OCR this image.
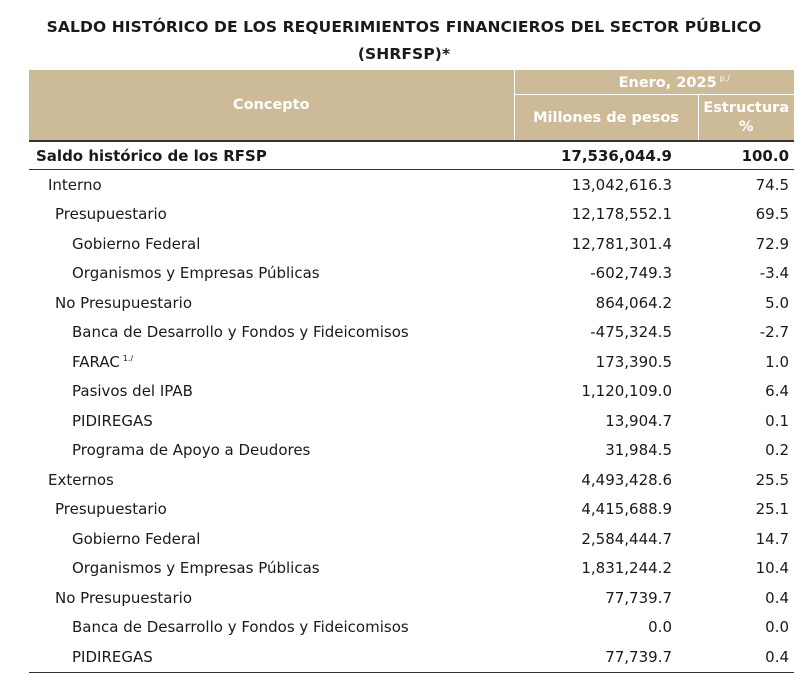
SALDO HISTÓRICO DE LOS REQUERIMIENTOS FINANCIEROS DEL SECTOR PÚBLICO
(SHRFSP)*
Concepto	Enero, 2025 $^{p./}$
	Millones de pesos	Estructura
%

Saldo histórico de los RFSP	17,536,044.9	100.0
Interno	13,042,616.3	74.5
Presupuestario	12,178,552.1	69.5
Gobierno Federal	12,781,301.4	72.9
Organismos y Empresas Públicas	-602,749.3	-3.4
No Presupuestario	864,064.2	5.0
Banca de Desarrollo y Fondos y Fideicomisos	-475,324.5	-2.7
FARAC $^{1./}$	173,390.5	1.0
Pasivos del IPAB	1,120,109.0	6.4
PIDIREGAS	13,904.7	0.1
Programa de Apoyo a Deudores	31,984.5	0.2
Externos	4,493,428.6	25.5
Presupuestario	4,415,688.9	25.1
Gobierno Federal	2,584,444.7	14.7
Organismos y Empresas Públicas	1,831,244.2	10.4
No Presupuestario	77,739.7	0.4
Banca de Desarrollo y Fondos y Fideicomisos	0.0	0.0
PIDIREGAS	77,739.7	0.4
